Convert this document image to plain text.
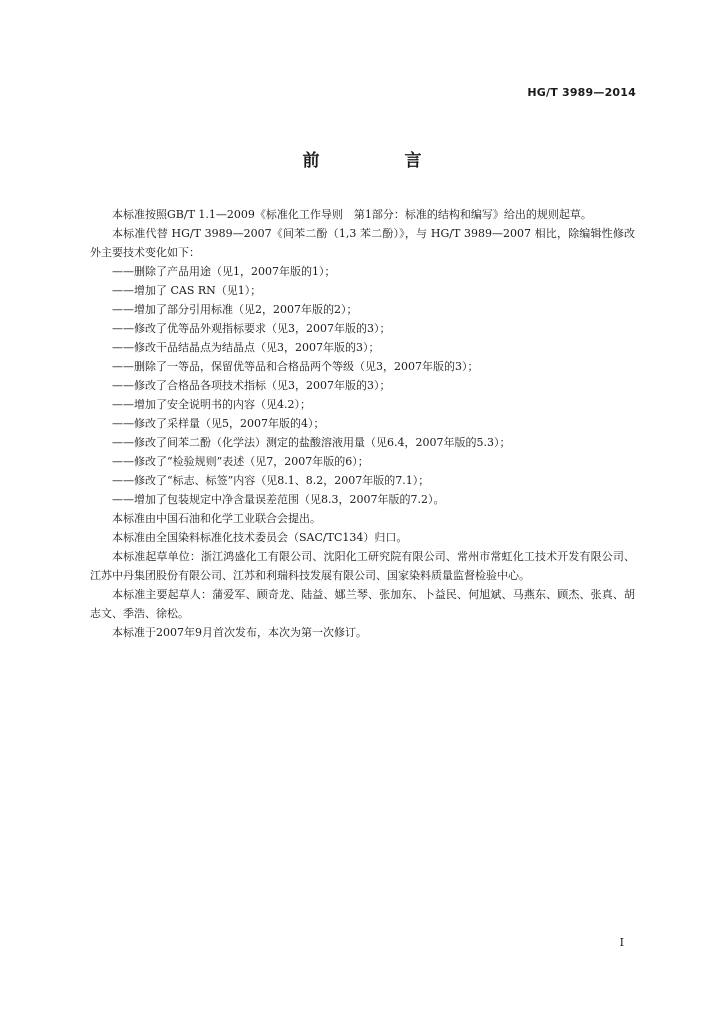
HG/T 3989—2014
前　言

本标准按照GB/T 1.1—2009《标准化工作导则　第1部分：标准的结构和编写》给出的规则起草。

本标准代替 HG/T 3989—2007《间苯二酚（1,3 苯二酚）》，与 HG/T 3989—2007 相比，除编辑性修改外主要技术变化如下：

——删除了产品用途（见1，2007年版的1）；
——增加了 CAS RN（见1）；
——增加了部分引用标准（见2，2007年版的2）；
——修改了优等品外观指标要求（见3，2007年版的3）；
——修改干品结晶点为结晶点（见3，2007年版的3）；
——删除了一等品，保留优等品和合格品两个等级（见3，2007年版的3）；
——修改了合格品各项技术指标（见3，2007年版的3）；
——增加了安全说明书的内容（见4.2）；
——修改了采样量（见5，2007年版的4）；
——修改了间苯二酚（化学法）测定的盐酸溶液用量（见6.4，2007年版的5.3）；
——修改了“检验规则”表述（见7，2007年版的6）；
——修改了“标志、标签”内容（见8.1、8.2，2007年版的7.1）；
——增加了包装规定中净含量误差范围（见8.3，2007年版的7.2）。

本标准由中国石油和化学工业联合会提出。

本标准由全国染料标准化技术委员会（SAC/TC134）归口。

本标准起草单位：浙江鸿盛化工有限公司、沈阳化工研究院有限公司、常州市常虹化工技术开发有限公司、江苏中丹集团股份有限公司、江苏和利瑞科技发展有限公司、国家染料质量监督检验中心。

本标准主要起草人：蒲爱军、顾奇龙、陆益、娜兰琴、张加东、卜益民、何旭斌、马燕东、顾杰、张真、胡志文、季浩、徐松。

本标准于2007年9月首次发布，本次为第一次修订。

I
